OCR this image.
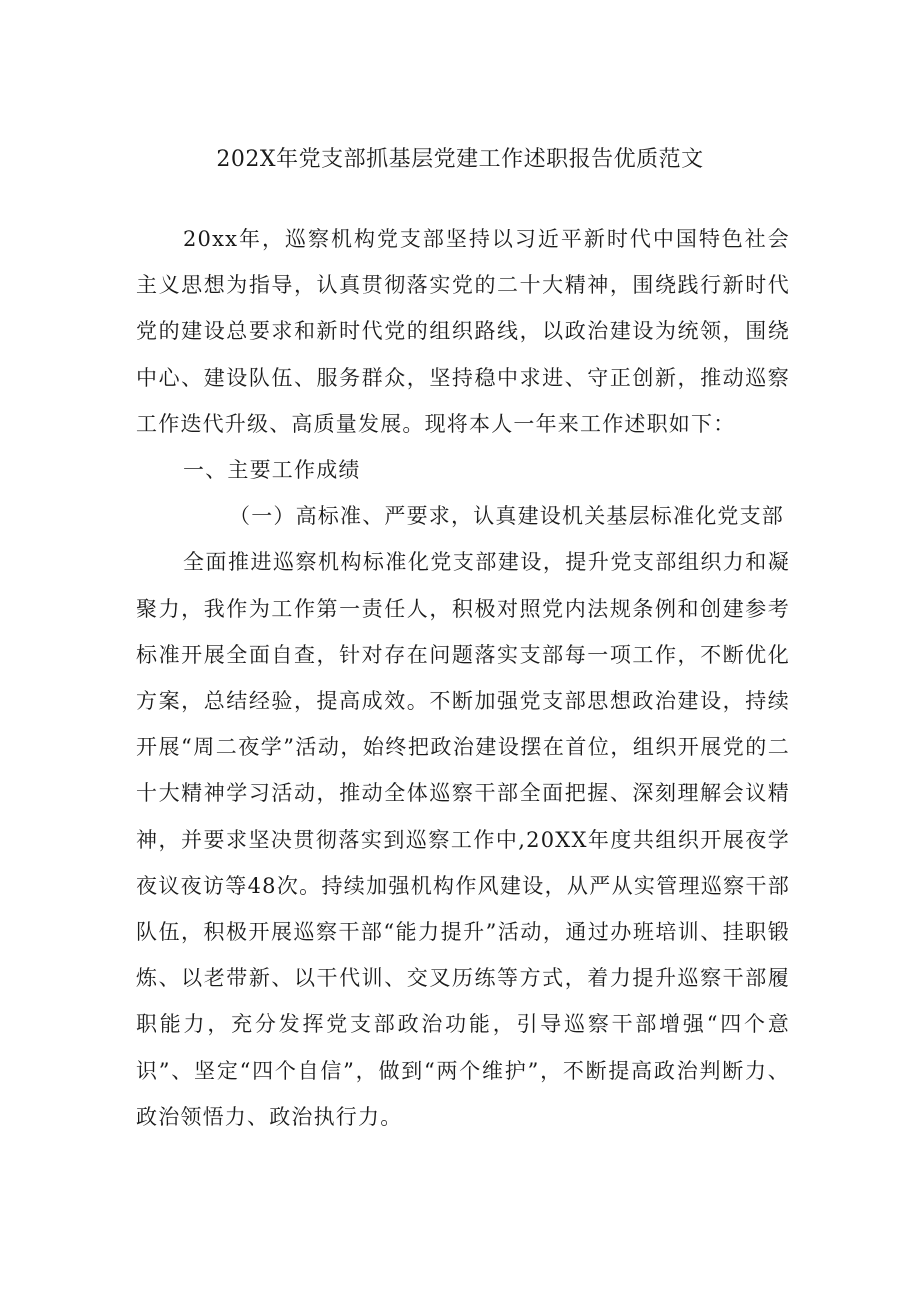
202X年党支部抓基层党建工作述职报告优质范文

20xx年，巡察机构党支部坚持以习近平新时代中国特色社会主义思想为指导，认真贯彻落实党的二十大精神，围绕践行新时代党的建设总要求和新时代党的组织路线，以政治建设为统领，围绕中心、建设队伍、服务群众，坚持稳中求进、守正创新，推动巡察工作迭代升级、高质量发展。现将本人一年来工作述职如下：

一、主要工作成绩

（一）高标准、严要求，认真建设机关基层标准化党支部

全面推进巡察机构标准化党支部建设，提升党支部组织力和凝聚力，我作为工作第一责任人，积极对照党内法规条例和创建参考标准开展全面自查，针对存在问题落实支部每一项工作，不断优化方案，总结经验，提高成效。不断加强党支部思想政治建设，持续开展“周二夜学”活动，始终把政治建设摆在首位，组织开展党的二十大精神学习活动，推动全体巡察干部全面把握、深刻理解会议精神，并要求坚决贯彻落实到巡察工作中,20XX年度共组织开展夜学夜议夜访等48次。持续加强机构作风建设，从严从实管理巡察干部队伍，积极开展巡察干部“能力提升”活动，通过办班培训、挂职锻炼、以老带新、以干代训、交叉历练等方式，着力提升巡察干部履职能力，充分发挥党支部政治功能，引导巡察干部增强“四个意识”、坚定“四个自信”，做到“两个维护”，不断提高政治判断力、政治领悟力、政治执行力。
